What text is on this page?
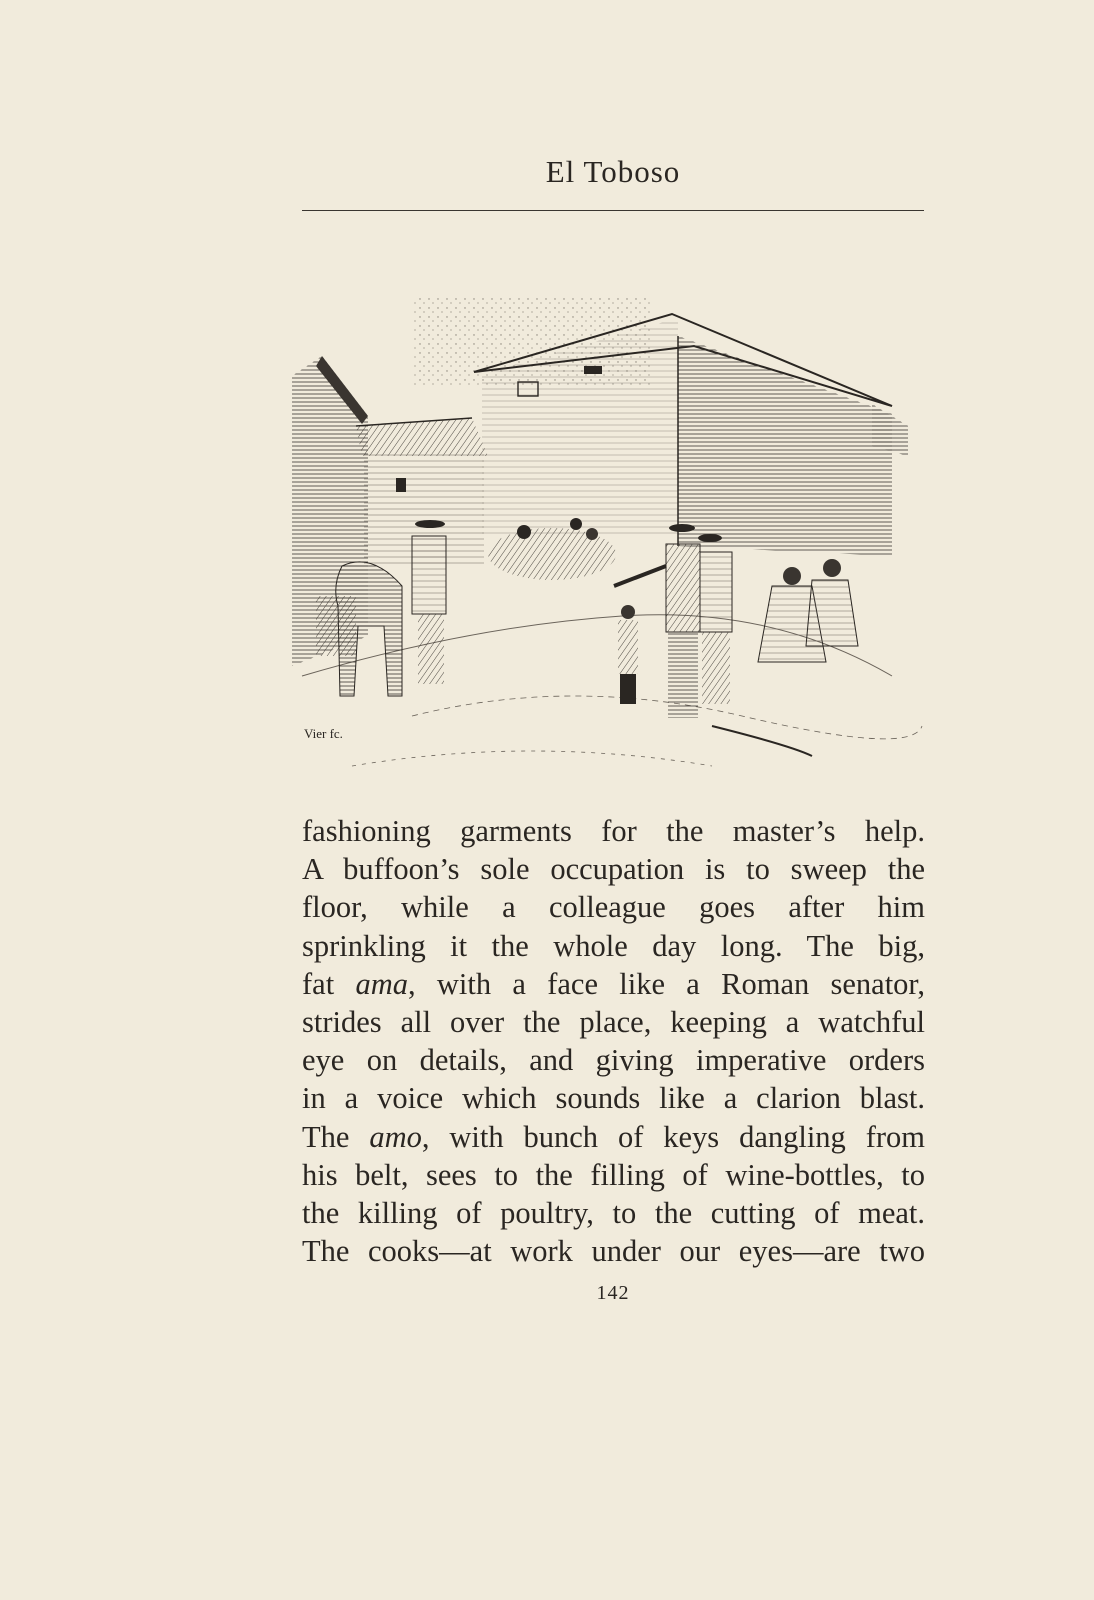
El Toboso
Vier fc.
fashioning garments for the master’s help.
A buffoon’s sole occupation is to sweep the
floor, while a colleague goes after him
sprinkling it the whole day long. The big,
fat ama, with a face like a Roman senator,
strides all over the place, keeping a watchful
eye on details, and giving imperative orders
in a voice which sounds like a clarion blast.
The amo, with bunch of keys dangling from
his belt, sees to the filling of wine-bottles, to
the killing of poultry, to the cutting of meat.
The cooks—at work under our eyes—are two
142
